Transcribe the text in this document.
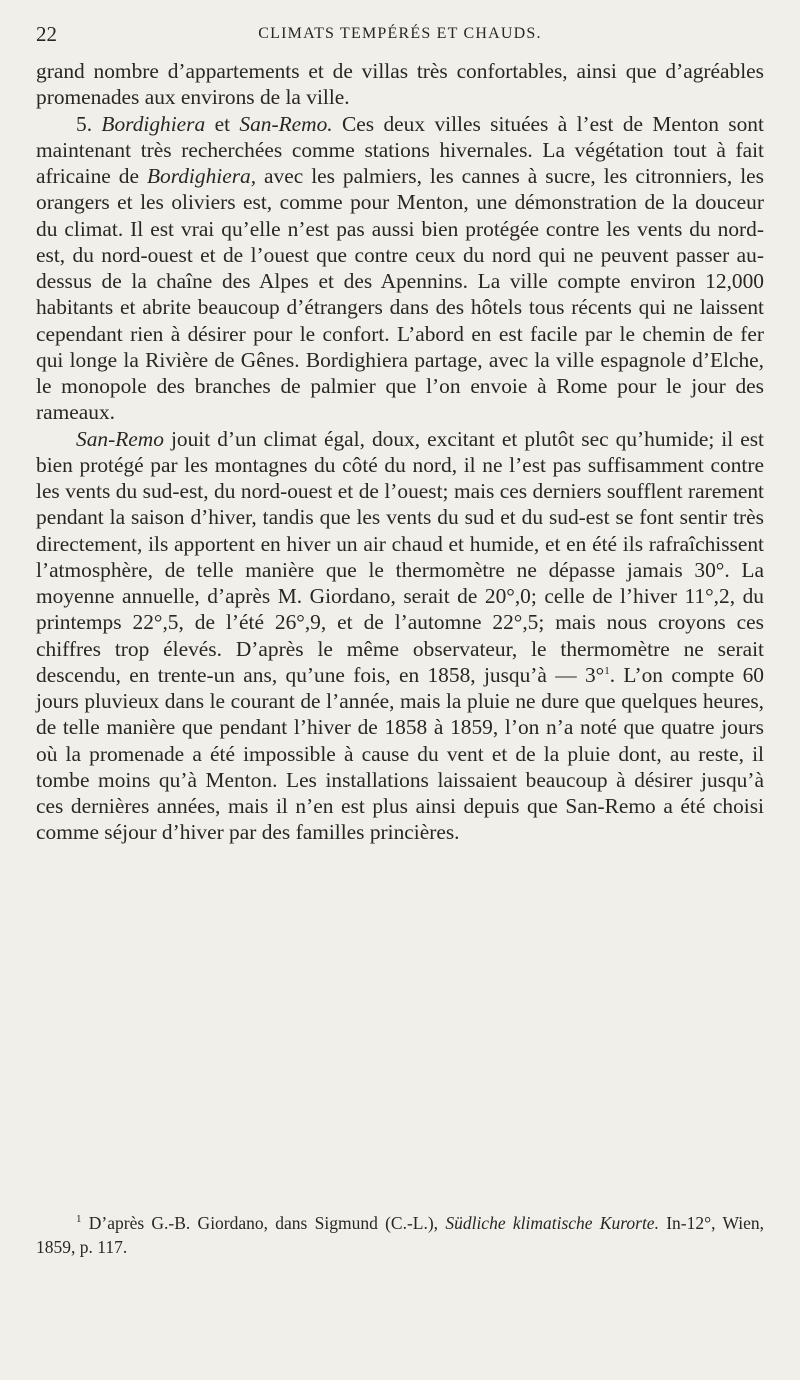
22	CLIMATS TEMPÉRÉS ET CHAUDS.

grand nombre d’appartements et de villas très confortables, ainsi que d’agréables promenades aux environs de la ville.

5. Bordighiera et San-Remo. Ces deux villes situées à l’est de Menton sont maintenant très recherchées comme stations hivernales. La végétation tout à fait africaine de Bordighiera, avec les palmiers, les cannes à sucre, les citronniers, les orangers et les oliviers est, comme pour Menton, une démonstration de la douceur du climat. Il est vrai qu’elle n’est pas aussi bien protégée contre les vents du nord-est, du nord-ouest et de l’ouest que contre ceux du nord qui ne peuvent passer au-dessus de la chaîne des Alpes et des Apennins. La ville compte environ 12,000 habitants et abrite beaucoup d’étrangers dans des hôtels tous récents qui ne laissent cependant rien à désirer pour le confort. L’abord en est facile par le chemin de fer qui longe la Rivière de Gênes. Bordighiera partage, avec la ville espagnole d’Elche, le monopole des branches de palmier que l’on envoie à Rome pour le jour des rameaux.

San-Remo jouit d’un climat égal, doux, excitant et plutôt sec qu’humide; il est bien protégé par les montagnes du côté du nord, il ne l’est pas suffisamment contre les vents du sud-est, du nord-ouest et de l’ouest; mais ces derniers soufflent rarement pendant la saison d’hiver, tandis que les vents du sud et du sud-est se font sentir très directement, ils apportent en hiver un air chaud et humide, et en été ils rafraîchissent l’atmosphère, de telle manière que le thermomètre ne dépasse jamais 30°. La moyenne annuelle, d’après M. Giordano, serait de 20°,0; celle de l’hiver 11°,2, du printemps 22°,5, de l’été 26°,9, et de l’automne 22°,5; mais nous croyons ces chiffres trop élevés. D’après le même observateur, le thermomètre ne serait descendu, en trente-un ans, qu’une fois, en 1858, jusqu’à — 3°$^1$. L’on compte 60 jours pluvieux dans le courant de l’année, mais la pluie ne dure que quelques heures, de telle manière que pendant l’hiver de 1858 à 1859, l’on n’a noté que quatre jours où la promenade a été impossible à cause du vent et de la pluie dont, au reste, il tombe moins qu’à Menton. Les installations laissaient beaucoup à désirer jusqu’à ces dernières années, mais il n’en est plus ainsi depuis que San-Remo a été choisi comme séjour d’hiver par des familles princières.

$^1$ D’après G.-B. Giordano, dans Sigmund (C.-L.), Südliche klimatische Kurorte. In-12°, Wien, 1859, p. 117.
